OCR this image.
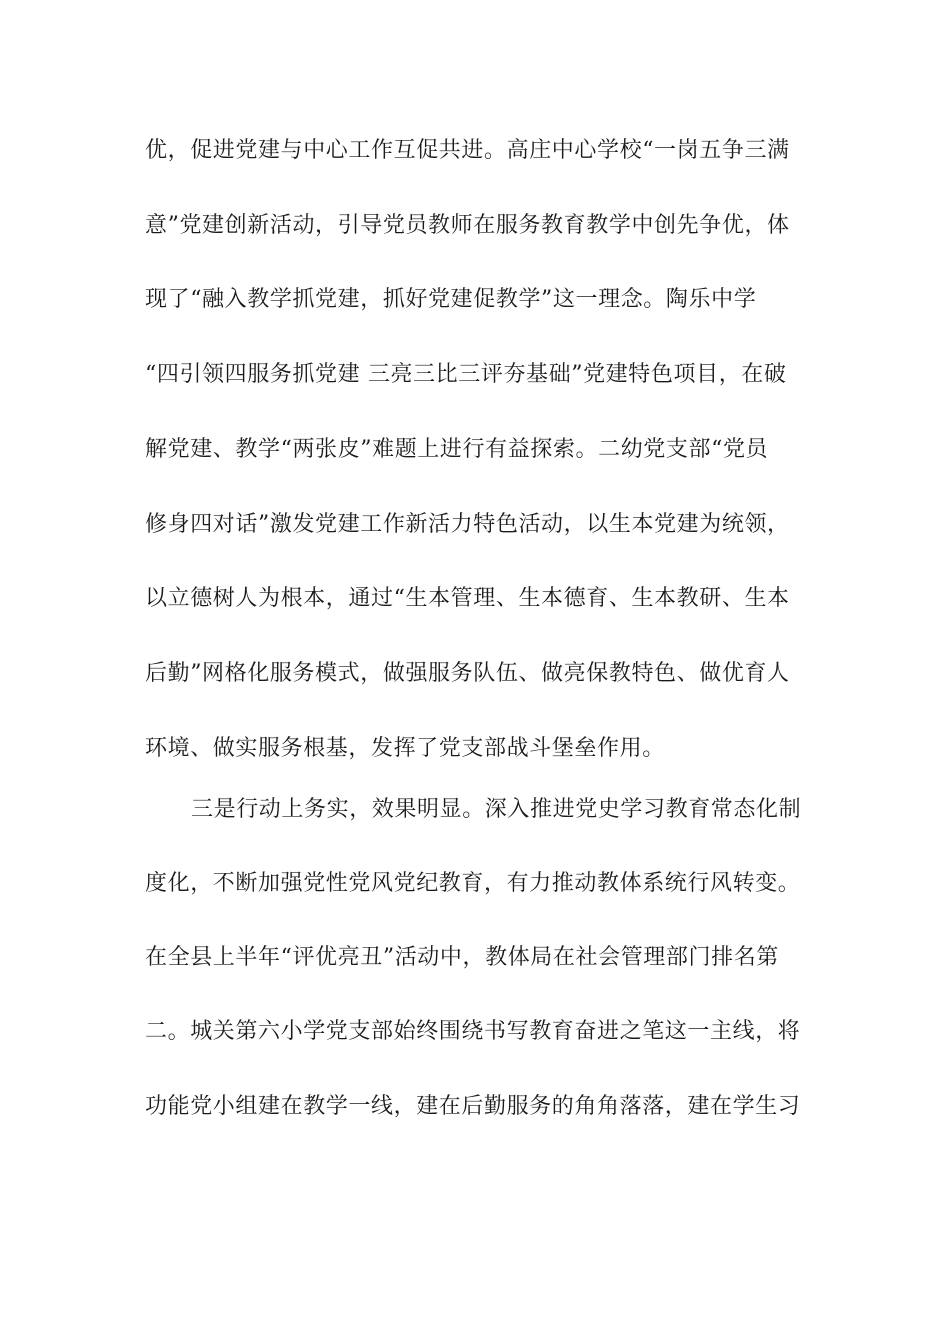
优，促进党建与中心工作互促共进。高庄中心学校“一岗五争三满

意”党建创新活动，引导党员教师在服务教育教学中创先争优，体

现了“融入教学抓党建，抓好党建促教学”这一理念。陶乐中学

“四引领四服务抓党建 三亮三比三评夯基础”党建特色项目，在破

解党建、教学“两张皮”难题上进行有益探索。二幼党支部“党员

修身四对话”激发党建工作新活力特色活动，以生本党建为统领，

以立德树人为根本，通过“生本管理、生本德育、生本教研、生本

后勤”网格化服务模式，做强服务队伍、做亮保教特色、做优育人

环境、做实服务根基，发挥了党支部战斗堡垒作用。

三是行动上务实，效果明显。深入推进党史学习教育常态化制

度化，不断加强党性党风党纪教育，有力推动教体系统行风转变。

在全县上半年“评优亮丑”活动中，教体局在社会管理部门排名第

二。城关第六小学党支部始终围绕书写教育奋进之笔这一主线，将

功能党小组建在教学一线，建在后勤服务的角角落落，建在学生习
